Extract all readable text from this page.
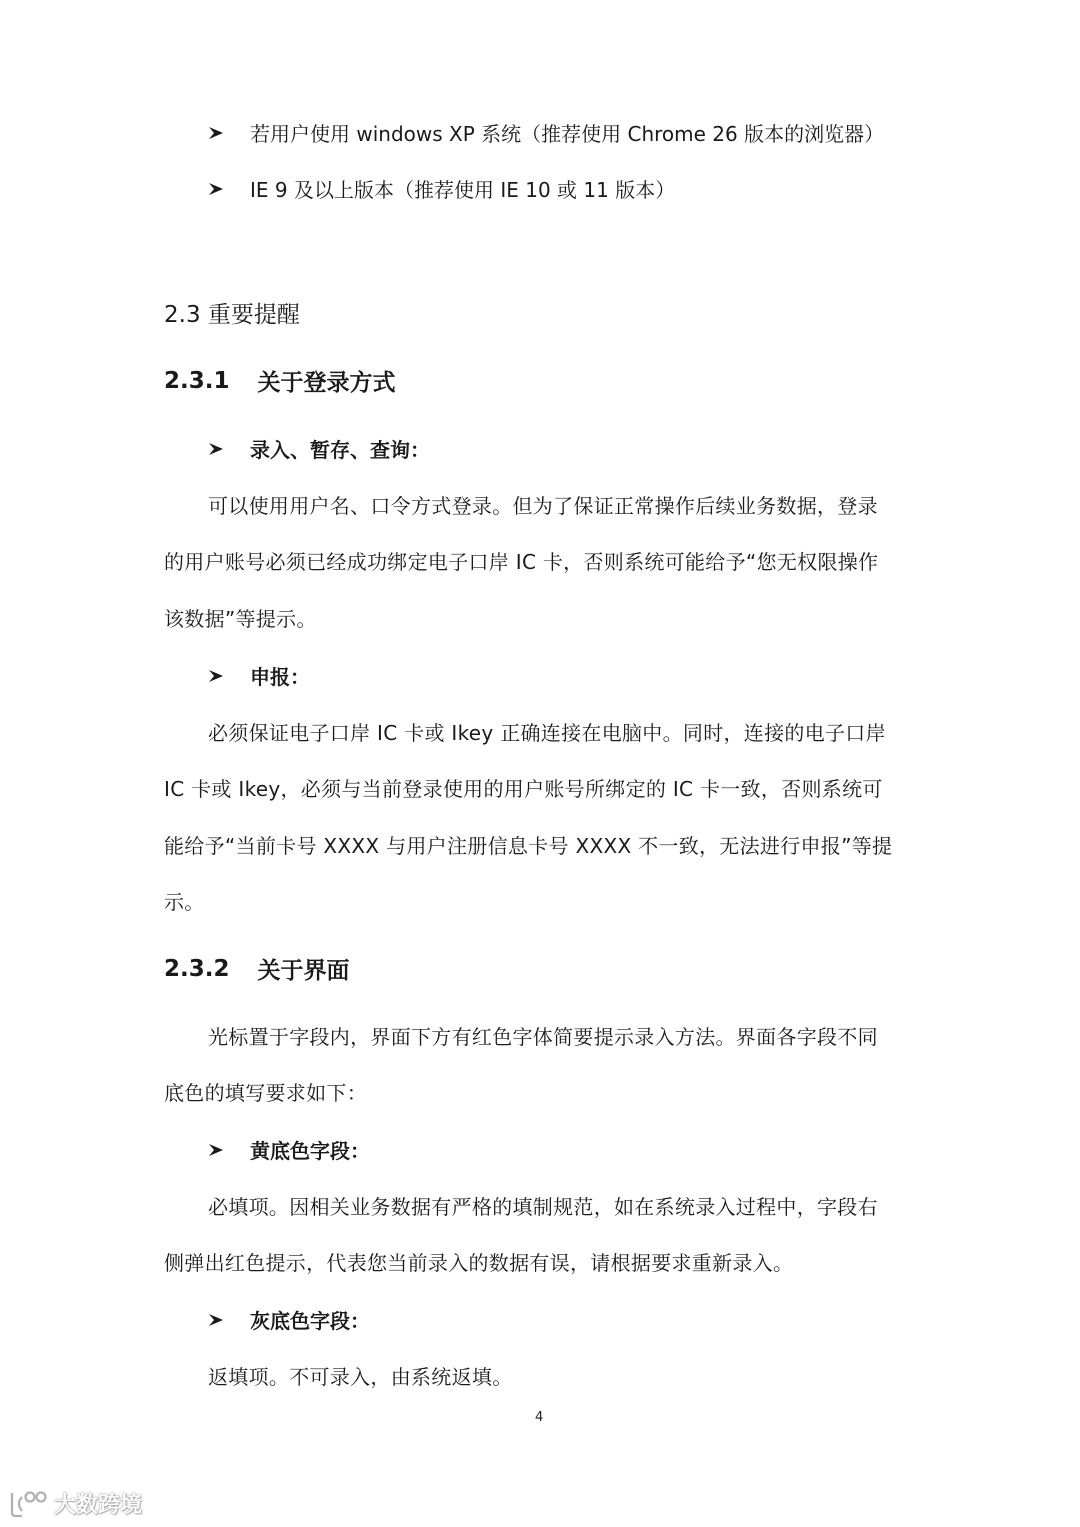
若用户使用 windows XP 系统（推荐使用 Chrome 26 版本的浏览器）
IE 9 及以上版本（推荐使用 IE 10 或 11 版本）
2.3 重要提醒
2.3.1 关于登录方式
录入、暂存、查询：
可以使用用户名、口令方式登录。但为了保证正常操作后续业务数据，登录
的用户账号必须已经成功绑定电子口岸 IC 卡，否则系统可能给予“您无权限操作
该数据”等提示。
申报：
必须保证电子口岸 IC 卡或 Ikey 正确连接在电脑中。同时，连接的电子口岸
IC 卡或 Ikey，必须与当前登录使用的用户账号所绑定的 IC 卡一致，否则系统可
能给予“当前卡号 XXXX 与用户注册信息卡号 XXXX 不一致，无法进行申报”等提
示。
2.3.2 关于界面
光标置于字段内，界面下方有红色字体简要提示录入方法。界面各字段不同
底色的填写要求如下：
黄底色字段：
必填项。因相关业务数据有严格的填制规范，如在系统录入过程中，字段右
侧弹出红色提示，代表您当前录入的数据有误，请根据要求重新录入。
灰底色字段：
返填项。不可录入，由系统返填。
4
大数跨境
